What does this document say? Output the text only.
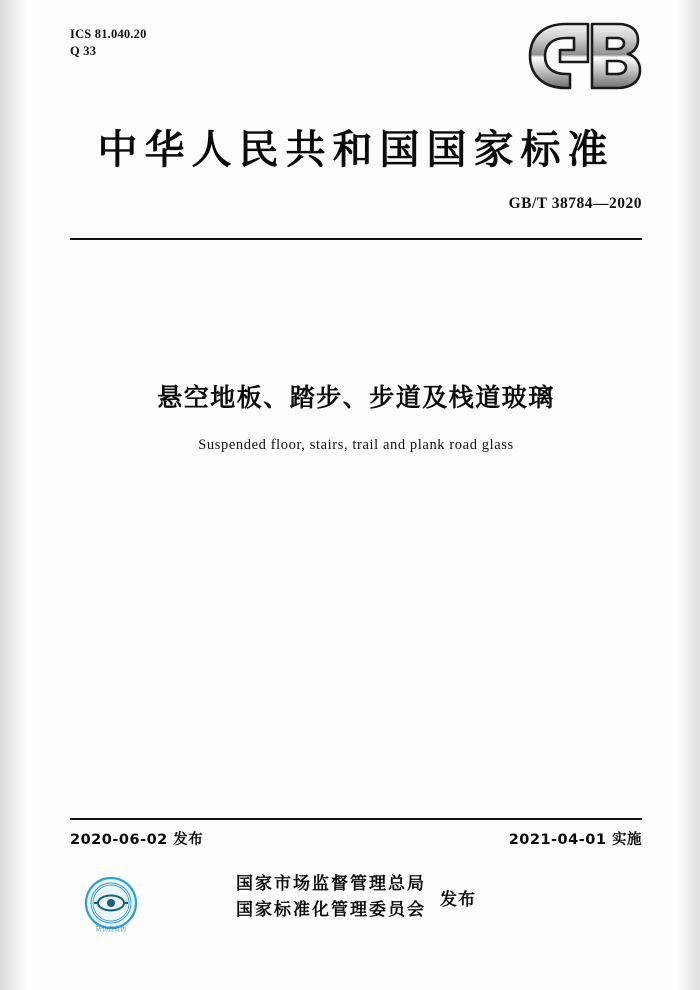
ICS 81.040.20
Q 33
中华人民共和国国家标准
GB/T 38784—2020
悬空地板、踏步、步道及栈道玻璃
Suspended floor, stairs, trail and plank road glass
2020-06-02 发布	2021-04-01 实施
国家市场监督管理总局
国家标准化管理委员会 发布
防伪查真伪
